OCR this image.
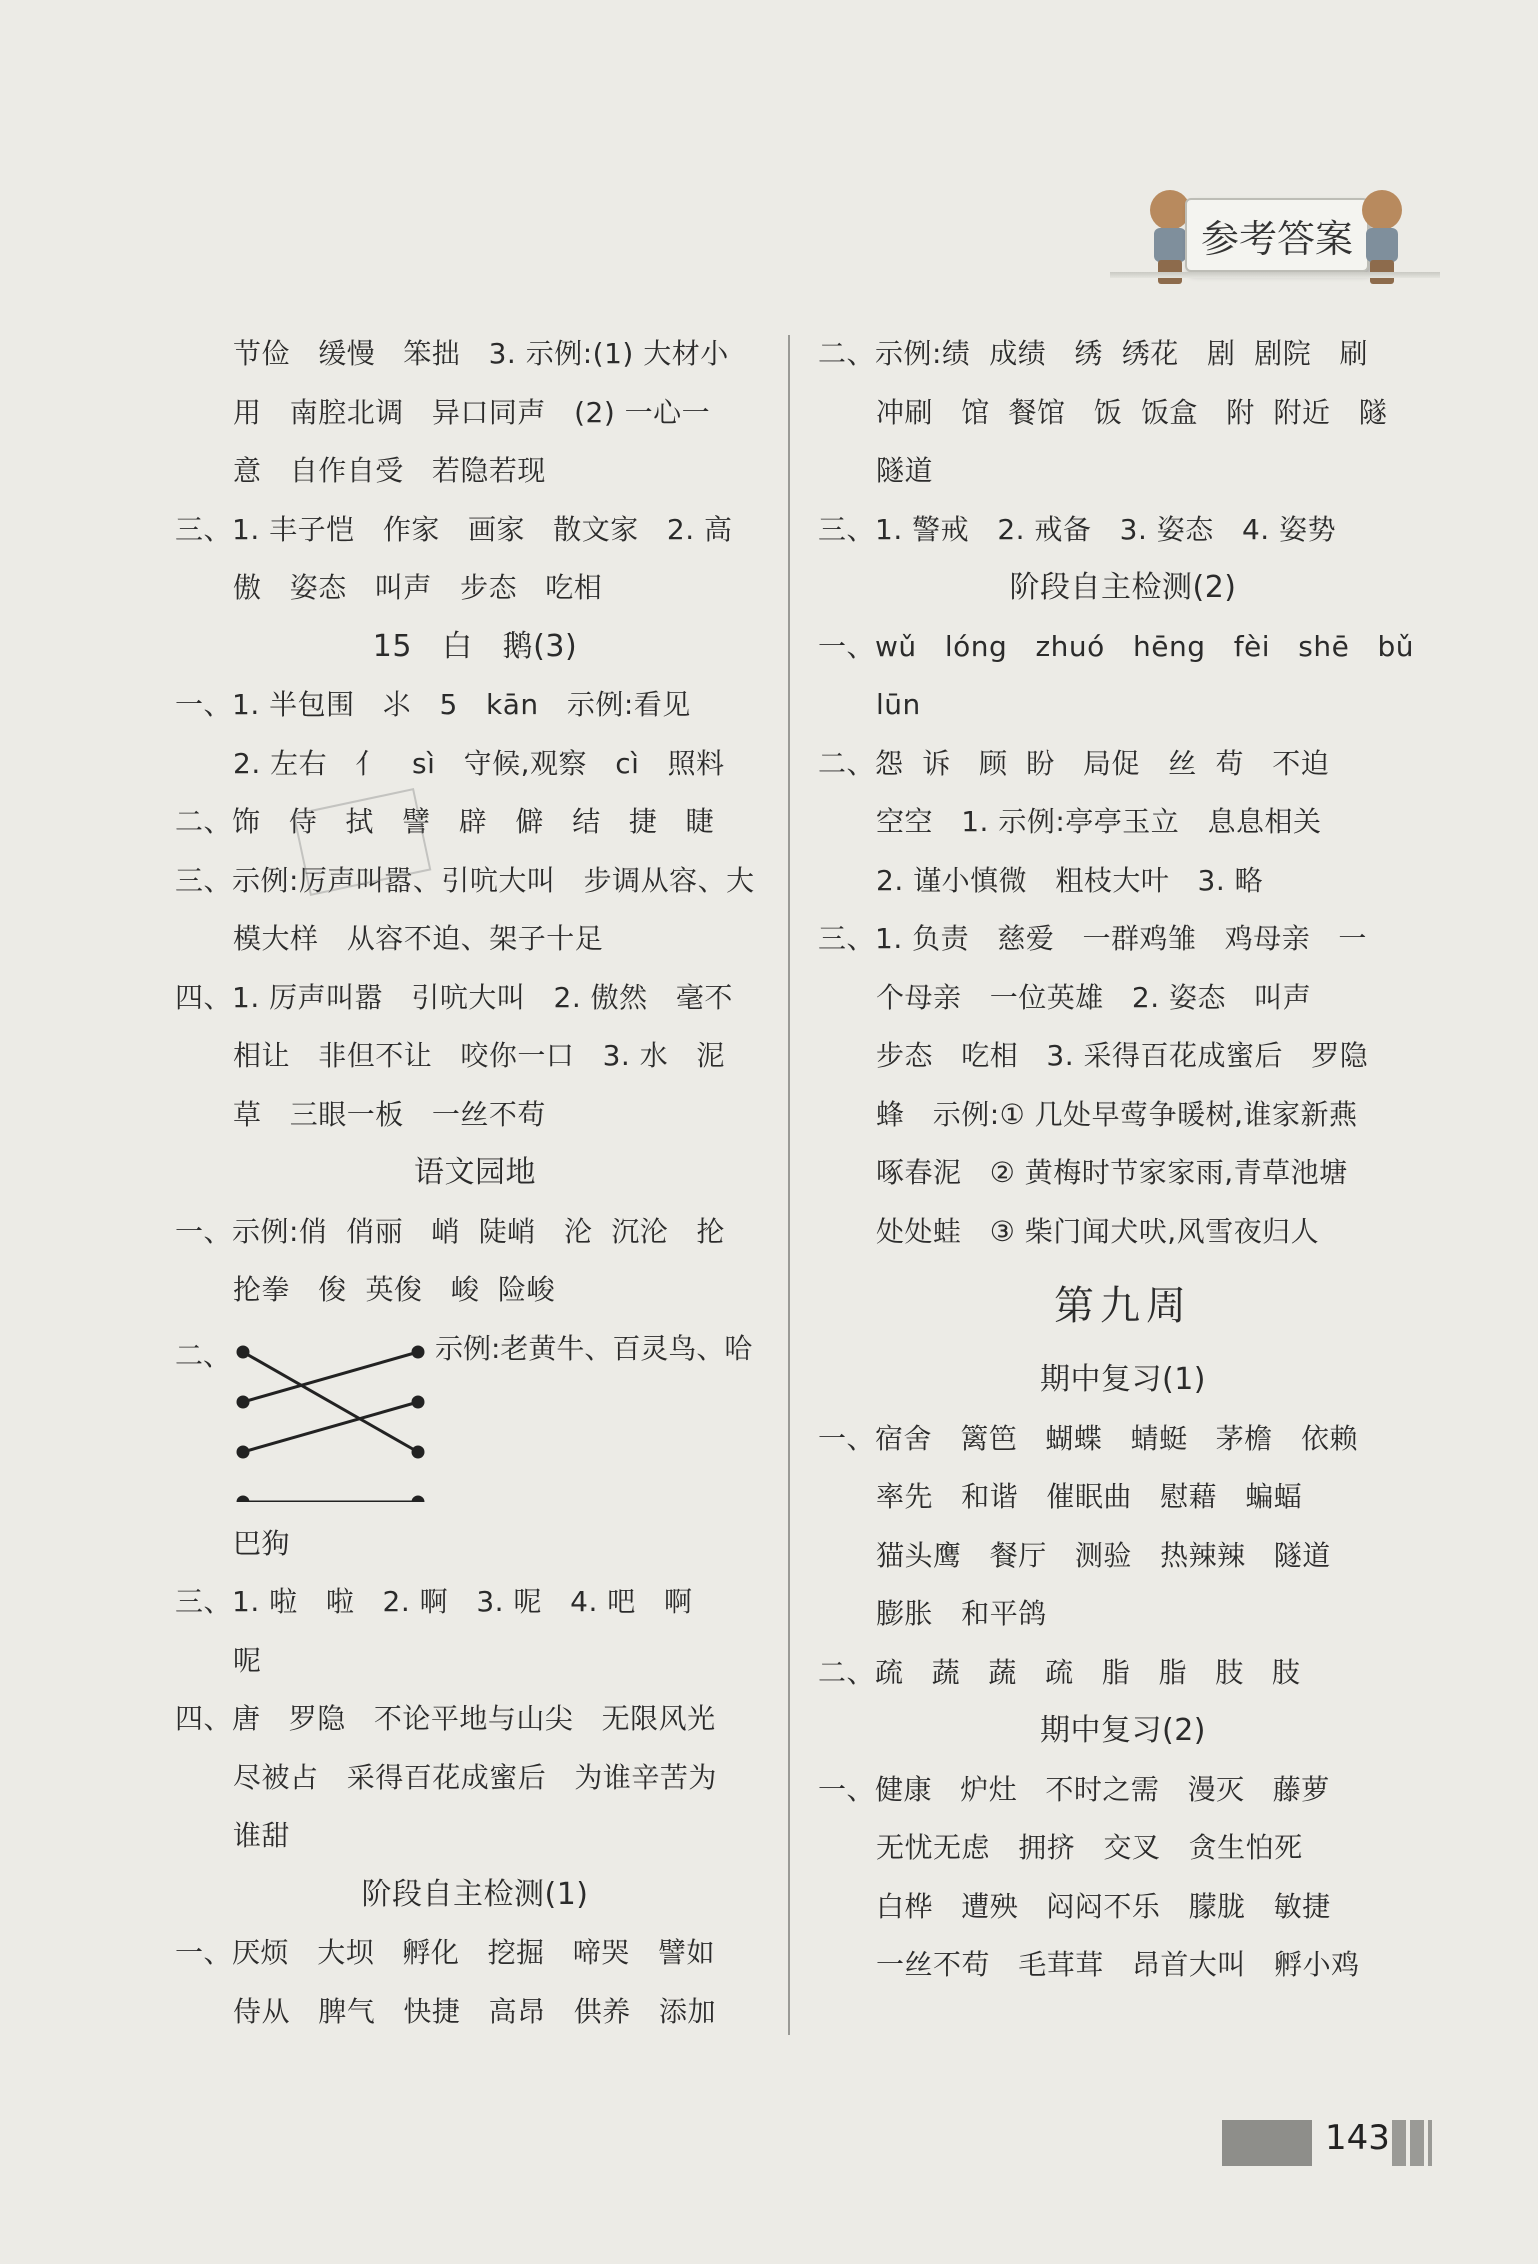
参考答案
节俭   缓慢   笨拙   3. 示例:(1) 大材小
用   南腔北调   异口同声   (2) 一心一
意   自作自受   若隐若现
三、1. 丰子恺   作家   画家   散文家   2. 高
傲   姿态   叫声   步态   吃相
15   白   鹅(3)
一、1. 半包围   ⺢   5   kān   示例:看见
2. 左右   亻   sì   守候,观察   cì   照料
二、饰   侍   拭   譬   辟   僻   结   捷   睫
三、示例:厉声叫嚣、引吭大叫   步调从容、大
模大样   从容不迫、架子十足
四、1. 厉声叫嚣   引吭大叫   2. 傲然   毫不
相让   非但不让   咬你一口   3. 水   泥
草   三眼一板   一丝不苟
语文园地
一、示例:俏  俏丽   峭  陡峭   沦  沉沦   抡
抡拳   俊  英俊   峻  险峻
二、	示例:老黄牛、百灵鸟、哈
巴狗
三、1. 啦   啦   2. 啊   3. 呢   4. 吧   啊
呢
四、唐   罗隐   不论平地与山尖   无限风光
尽被占   采得百花成蜜后   为谁辛苦为
谁甜
阶段自主检测(1)
一、厌烦   大坝   孵化   挖掘   啼哭   譬如
侍从   脾气   快捷   高昂   供养   添加
二、示例:绩  成绩   绣  绣花   剧  剧院   刷
冲刷   馆  餐馆   饭  饭盒   附  附近   隧
隧道
三、1. 警戒   2. 戒备   3. 姿态   4. 姿势
阶段自主检测(2)
一、wǔ   lóng   zhuó   hēng   fèi   shē   bǔ
lūn
二、怨  诉   顾  盼   局促   丝  苟   不迫
空空   1. 示例:亭亭玉立   息息相关
2. 谨小慎微   粗枝大叶   3. 略
三、1. 负责   慈爱   一群鸡雏   鸡母亲   一
个母亲   一位英雄   2. 姿态   叫声
步态   吃相   3. 采得百花成蜜后   罗隐
蜂   示例:① 几处早莺争暖树,谁家新燕
啄春泥   ② 黄梅时节家家雨,青草池塘
处处蛙   ③ 柴门闻犬吠,风雪夜归人
第九周
期中复习(1)
一、宿舍   篱笆   蝴蝶   蜻蜓   茅檐   依赖
率先   和谐   催眠曲   慰藉   蝙蝠
猫头鹰   餐厅   测验   热辣辣   隧道
膨胀   和平鸽
二、疏   蔬   蔬   疏   脂   脂   肢   肢
期中复习(2)
一、健康   炉灶   不时之需   漫灭   藤萝
无忧无虑   拥挤   交叉   贪生怕死
白桦   遭殃   闷闷不乐   朦胧   敏捷
一丝不苟   毛茸茸   昂首大叫   孵小鸡
143
